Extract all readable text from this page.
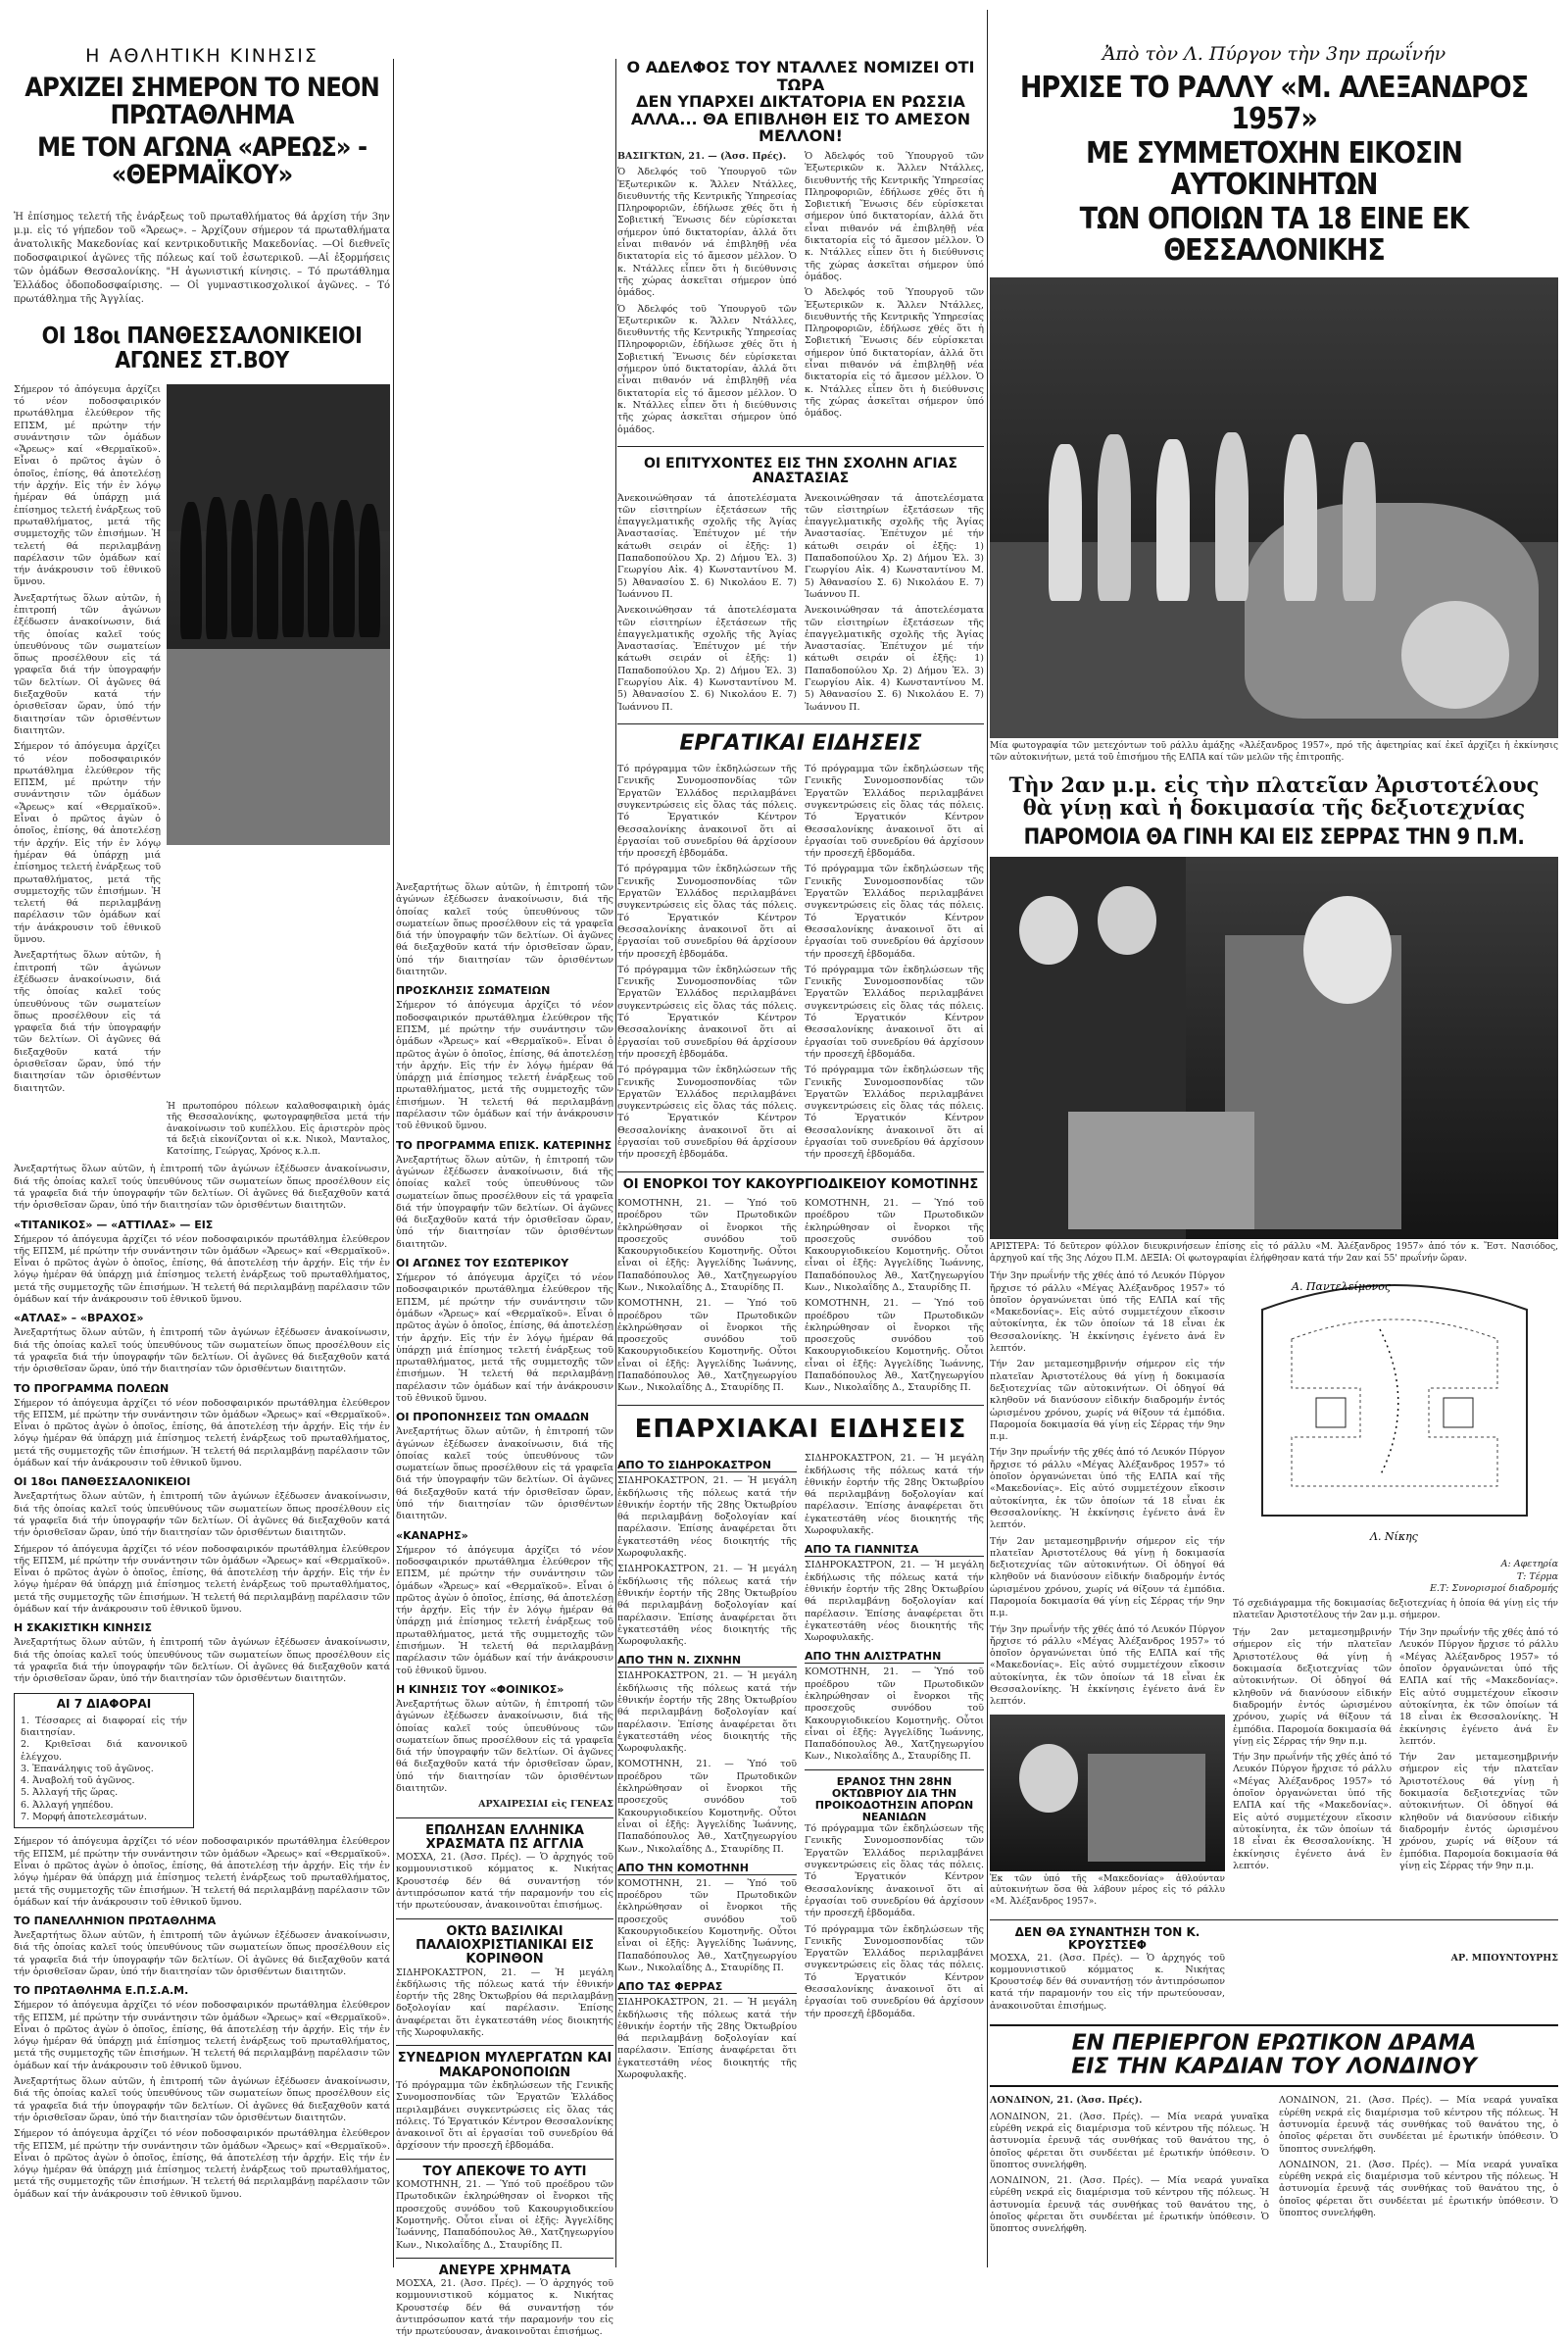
Η ΑΘΛΗΤΙΚΗ ΚΙΝΗΣΙΣ

ΑΡΧΙΖΕΙ ΣΗΜΕΡΟΝ ΤΟ ΝΕΟΝ ΠΡΩΤΑΘΛΗΜΑ

ΜΕ ΤΟΝ ΑΓΩΝΑ «ΑΡΕΩΣ» - «ΘΕΡΜΑΪΚΟΥ»

Ἡ ἐπίσημος τελετή τῆς ἐνάρξεως τοῦ πρωταθλήματος θά ἀρχίση τήν 3ην μ.μ. εἰς τό γήπεδον τοῦ «Ἄρεως». – Ἀρχίζουν σήμερον τά πρωταθλήματα ἀνατολικῆς Μακεδονίας καί κεντρικοδυτικῆς Μακεδονίας. —Οἱ διεθνεῖς ποδοσφαιρικοί ἀγῶνες τῆς πόλεως καί τοῦ ἐσωτερικοῦ. —Αἱ ἐξορμήσεις τῶν ὁμάδων Θεσσαλονίκης. "Η ἀγωνιστική κίνησις. – Τό πρωτάθλημα Ἑλλάδος ὀδοποδοσφαίρισης. — Οἱ γυμναστικοσχολικοί ἀγῶνες. – Τό πρωτάθλημα τῆς Ἀγγλίας.

ΟΙ 18οι ΠΑΝΘΕΣΣΑΛΟΝΙΚΕΙΟΙ ΑΓΩΝΕΣ ΣΤ.ΒΟΥ

Σήμερον τό ἀπόγευμα ἀρχίζει τό νέον ποδοσφαιρικόν πρωτάθλημα ἐλεύθερον τῆς ΕΠΣΜ, μέ πρώτην τήν συνάντησιν τῶν ὁμάδων «Ἄρεως» καί «Θερμαϊκοῦ». Εἶναι ὁ πρῶτος ἀγὼν ὁ ὁποῖος, ἐπίσης, θά ἀποτελέσῃ τήν ἀρχήν. Εἰς τήν ἐν λόγῳ ἡμέραν θά ὑπάρχῃ μιά ἐπίσημος τελετή ἐνάρξεως τοῦ πρωταθλήματος, μετά τῆς συμμετοχῆς τῶν ἐπισήμων. Ἡ τελετή θά περιλαμβάνῃ παρέλασιν τῶν ὁμάδων καί τήν ἀνάκρουσιν τοῦ ἐθνικοῦ ὕμνου.

Ἀνεξαρτήτως ὅλων αὐτῶν, ἡ ἐπιτροπή τῶν ἀγώνων ἐξέδωσεν ἀνακοίνωσιν, διά τῆς ὁποίας καλεῖ τούς ὑπευθύνους τῶν σωματείων ὅπως προσέλθουν εἰς τά γραφεῖα διά τήν ὑπογραφήν τῶν δελτίων. Οἱ ἀγῶνες θά διεξαχθοῦν κατά τήν ὁρισθεῖσαν ὥραν, ὑπό τήν διαιτησίαν τῶν ὁρισθέντων διαιτητῶν.

Σήμερον τό ἀπόγευμα ἀρχίζει τό νέον ποδοσφαιρικόν πρωτάθλημα ἐλεύθερον τῆς ΕΠΣΜ, μέ πρώτην τήν συνάντησιν τῶν ὁμάδων «Ἄρεως» καί «Θερμαϊκοῦ». Εἶναι ὁ πρῶτος ἀγὼν ὁ ὁποῖος, ἐπίσης, θά ἀποτελέσῃ τήν ἀρχήν. Εἰς τήν ἐν λόγῳ ἡμέραν θά ὑπάρχῃ μιά ἐπίσημος τελετή ἐνάρξεως τοῦ πρωταθλήματος, μετά τῆς συμμετοχῆς τῶν ἐπισήμων. Ἡ τελετή θά περιλαμβάνῃ παρέλασιν τῶν ὁμάδων καί τήν ἀνάκρουσιν τοῦ ἐθνικοῦ ὕμνου.

Ἀνεξαρτήτως ὅλων αὐτῶν, ἡ ἐπιτροπή τῶν ἀγώνων ἐξέδωσεν ἀνακοίνωσιν, διά τῆς ὁποίας καλεῖ τούς ὑπευθύνους τῶν σωματείων ὅπως προσέλθουν εἰς τά γραφεῖα διά τήν ὑπογραφήν τῶν δελτίων. Οἱ ἀγῶνες θά διεξαχθοῦν κατά τήν ὁρισθεῖσαν ὥραν, ὑπό τήν διαιτησίαν τῶν ὁρισθέντων διαιτητῶν.

Ἡ πρωτοπόρου πόλεων καλαθοσφαιρικὴ ὁμάς τῆς Θεσσαλονίκης, φωτογραφηθεῖσα μετά τήν ἀνακοίνωσιν τοῦ κυπέλλου. Εἰς ἀριστερὸν πρὸς τά δεξιὰ εἰκονίζονται οἱ κ.κ. Νικολ, Μανταλος, Κατσίπης, Γεώργας, Χρόνος κ.λ.π.

Ἀνεξαρτήτως ὅλων αὐτῶν, ἡ ἐπιτροπή τῶν ἀγώνων ἐξέδωσεν ἀνακοίνωσιν, διά τῆς ὁποίας καλεῖ τούς ὑπευθύνους τῶν σωματείων ὅπως προσέλθουν εἰς τά γραφεῖα διά τήν ὑπογραφήν τῶν δελτίων. Οἱ ἀγῶνες θά διεξαχθοῦν κατά τήν ὁρισθεῖσαν ὥραν, ὑπό τήν διαιτησίαν τῶν ὁρισθέντων διαιτητῶν.

«ΤΙΤΑΝΙΚΟΣ» — «ΑΤΤΙΛΑΣ» — ΕΙΣ

Σήμερον τό ἀπόγευμα ἀρχίζει τό νέον ποδοσφαιρικόν πρωτάθλημα ἐλεύθερον τῆς ΕΠΣΜ, μέ πρώτην τήν συνάντησιν τῶν ὁμάδων «Ἄρεως» καί «Θερμαϊκοῦ». Εἶναι ὁ πρῶτος ἀγὼν ὁ ὁποῖος, ἐπίσης, θά ἀποτελέσῃ τήν ἀρχήν. Εἰς τήν ἐν λόγῳ ἡμέραν θά ὑπάρχῃ μιά ἐπίσημος τελετή ἐνάρξεως τοῦ πρωταθλήματος, μετά τῆς συμμετοχῆς τῶν ἐπισήμων. Ἡ τελετή θά περιλαμβάνῃ παρέλασιν τῶν ὁμάδων καί τήν ἀνάκρουσιν τοῦ ἐθνικοῦ ὕμνου.

«ΑΤΛΑΣ» – «ΒΡΑΧΟΣ»

Ἀνεξαρτήτως ὅλων αὐτῶν, ἡ ἐπιτροπή τῶν ἀγώνων ἐξέδωσεν ἀνακοίνωσιν, διά τῆς ὁποίας καλεῖ τούς ὑπευθύνους τῶν σωματείων ὅπως προσέλθουν εἰς τά γραφεῖα διά τήν ὑπογραφήν τῶν δελτίων. Οἱ ἀγῶνες θά διεξαχθοῦν κατά τήν ὁρισθεῖσαν ὥραν, ὑπό τήν διαιτησίαν τῶν ὁρισθέντων διαιτητῶν.

ΤΟ ΠΡΟΓΡΑΜΜΑ ΠΟΛΕΩΝ

Σήμερον τό ἀπόγευμα ἀρχίζει τό νέον ποδοσφαιρικόν πρωτάθλημα ἐλεύθερον τῆς ΕΠΣΜ, μέ πρώτην τήν συνάντησιν τῶν ὁμάδων «Ἄρεως» καί «Θερμαϊκοῦ». Εἶναι ὁ πρῶτος ἀγὼν ὁ ὁποῖος, ἐπίσης, θά ἀποτελέσῃ τήν ἀρχήν. Εἰς τήν ἐν λόγῳ ἡμέραν θά ὑπάρχῃ μιά ἐπίσημος τελετή ἐνάρξεως τοῦ πρωταθλήματος, μετά τῆς συμμετοχῆς τῶν ἐπισήμων. Ἡ τελετή θά περιλαμβάνῃ παρέλασιν τῶν ὁμάδων καί τήν ἀνάκρουσιν τοῦ ἐθνικοῦ ὕμνου.

ΟΙ 18οι ΠΑΝΘΕΣΣΑΛΟΝΙΚΕΙΟΙ

Ἀνεξαρτήτως ὅλων αὐτῶν, ἡ ἐπιτροπή τῶν ἀγώνων ἐξέδωσεν ἀνακοίνωσιν, διά τῆς ὁποίας καλεῖ τούς ὑπευθύνους τῶν σωματείων ὅπως προσέλθουν εἰς τά γραφεῖα διά τήν ὑπογραφήν τῶν δελτίων. Οἱ ἀγῶνες θά διεξαχθοῦν κατά τήν ὁρισθεῖσαν ὥραν, ὑπό τήν διαιτησίαν τῶν ὁρισθέντων διαιτητῶν.

Σήμερον τό ἀπόγευμα ἀρχίζει τό νέον ποδοσφαιρικόν πρωτάθλημα ἐλεύθερον τῆς ΕΠΣΜ, μέ πρώτην τήν συνάντησιν τῶν ὁμάδων «Ἄρεως» καί «Θερμαϊκοῦ». Εἶναι ὁ πρῶτος ἀγὼν ὁ ὁποῖος, ἐπίσης, θά ἀποτελέσῃ τήν ἀρχήν. Εἰς τήν ἐν λόγῳ ἡμέραν θά ὑπάρχῃ μιά ἐπίσημος τελετή ἐνάρξεως τοῦ πρωταθλήματος, μετά τῆς συμμετοχῆς τῶν ἐπισήμων. Ἡ τελετή θά περιλαμβάνῃ παρέλασιν τῶν ὁμάδων καί τήν ἀνάκρουσιν τοῦ ἐθνικοῦ ὕμνου.

Η ΣΚΑΚΙΣΤΙΚΗ ΚΙΝΗΣΙΣ

Ἀνεξαρτήτως ὅλων αὐτῶν, ἡ ἐπιτροπή τῶν ἀγώνων ἐξέδωσεν ἀνακοίνωσιν, διά τῆς ὁποίας καλεῖ τούς ὑπευθύνους τῶν σωματείων ὅπως προσέλθουν εἰς τά γραφεῖα διά τήν ὑπογραφήν τῶν δελτίων. Οἱ ἀγῶνες θά διεξαχθοῦν κατά τήν ὁρισθεῖσαν ὥραν, ὑπό τήν διαιτησίαν τῶν ὁρισθέντων διαιτητῶν.

ΑΙ 7 ΔΙΑΦΟΡΑΙ

1. Τέσσαρες αἱ διαφοραί εἰς τήν διαιτησίαν.

2. Κριθεῖσαι διά κανονικοῦ ἐλέγχου.

3. Ἐπανάληψις τοῦ ἀγῶνος.

4. Ἀναβολή τοῦ ἀγῶνος.

5. Ἀλλαγή τῆς ὥρας.

6. Ἀλλαγή γηπέδου.

7. Μορφή ἀποτελεσμάτων.

Σήμερον τό ἀπόγευμα ἀρχίζει τό νέον ποδοσφαιρικόν πρωτάθλημα ἐλεύθερον τῆς ΕΠΣΜ, μέ πρώτην τήν συνάντησιν τῶν ὁμάδων «Ἄρεως» καί «Θερμαϊκοῦ». Εἶναι ὁ πρῶτος ἀγὼν ὁ ὁποῖος, ἐπίσης, θά ἀποτελέσῃ τήν ἀρχήν. Εἰς τήν ἐν λόγῳ ἡμέραν θά ὑπάρχῃ μιά ἐπίσημος τελετή ἐνάρξεως τοῦ πρωταθλήματος, μετά τῆς συμμετοχῆς τῶν ἐπισήμων. Ἡ τελετή θά περιλαμβάνῃ παρέλασιν τῶν ὁμάδων καί τήν ἀνάκρουσιν τοῦ ἐθνικοῦ ὕμνου.

ΤΟ ΠΑΝΕΛΛΗΝΙΟΝ ΠΡΩΤΑΘΛΗΜΑ

Ἀνεξαρτήτως ὅλων αὐτῶν, ἡ ἐπιτροπή τῶν ἀγώνων ἐξέδωσεν ἀνακοίνωσιν, διά τῆς ὁποίας καλεῖ τούς ὑπευθύνους τῶν σωματείων ὅπως προσέλθουν εἰς τά γραφεῖα διά τήν ὑπογραφήν τῶν δελτίων. Οἱ ἀγῶνες θά διεξαχθοῦν κατά τήν ὁρισθεῖσαν ὥραν, ὑπό τήν διαιτησίαν τῶν ὁρισθέντων διαιτητῶν.

ΤΟ ΠΡΩΤΑΘΛΗΜΑ Ε.Π.Σ.Α.Μ.

Σήμερον τό ἀπόγευμα ἀρχίζει τό νέον ποδοσφαιρικόν πρωτάθλημα ἐλεύθερον τῆς ΕΠΣΜ, μέ πρώτην τήν συνάντησιν τῶν ὁμάδων «Ἄρεως» καί «Θερμαϊκοῦ». Εἶναι ὁ πρῶτος ἀγὼν ὁ ὁποῖος, ἐπίσης, θά ἀποτελέσῃ τήν ἀρχήν. Εἰς τήν ἐν λόγῳ ἡμέραν θά ὑπάρχῃ μιά ἐπίσημος τελετή ἐνάρξεως τοῦ πρωταθλήματος, μετά τῆς συμμετοχῆς τῶν ἐπισήμων. Ἡ τελετή θά περιλαμβάνῃ παρέλασιν τῶν ὁμάδων καί τήν ἀνάκρουσιν τοῦ ἐθνικοῦ ὕμνου.

Ἀνεξαρτήτως ὅλων αὐτῶν, ἡ ἐπιτροπή τῶν ἀγώνων ἐξέδωσεν ἀνακοίνωσιν, διά τῆς ὁποίας καλεῖ τούς ὑπευθύνους τῶν σωματείων ὅπως προσέλθουν εἰς τά γραφεῖα διά τήν ὑπογραφήν τῶν δελτίων. Οἱ ἀγῶνες θά διεξαχθοῦν κατά τήν ὁρισθεῖσαν ὥραν, ὑπό τήν διαιτησίαν τῶν ὁρισθέντων διαιτητῶν.

Σήμερον τό ἀπόγευμα ἀρχίζει τό νέον ποδοσφαιρικόν πρωτάθλημα ἐλεύθερον τῆς ΕΠΣΜ, μέ πρώτην τήν συνάντησιν τῶν ὁμάδων «Ἄρεως» καί «Θερμαϊκοῦ». Εἶναι ὁ πρῶτος ἀγὼν ὁ ὁποῖος, ἐπίσης, θά ἀποτελέσῃ τήν ἀρχήν. Εἰς τήν ἐν λόγῳ ἡμέραν θά ὑπάρχῃ μιά ἐπίσημος τελετή ἐνάρξεως τοῦ πρωταθλήματος, μετά τῆς συμμετοχῆς τῶν ἐπισήμων. Ἡ τελετή θά περιλαμβάνῃ παρέλασιν τῶν ὁμάδων καί τήν ἀνάκρουσιν τοῦ ἐθνικοῦ ὕμνου.

Ἀνεξαρτήτως ὅλων αὐτῶν, ἡ ἐπιτροπή τῶν ἀγώνων ἐξέδωσεν ἀνακοίνωσιν, διά τῆς ὁποίας καλεῖ τούς ὑπευθύνους τῶν σωματείων ὅπως προσέλθουν εἰς τά γραφεῖα διά τήν ὑπογραφήν τῶν δελτίων. Οἱ ἀγῶνες θά διεξαχθοῦν κατά τήν ὁρισθεῖσαν ὥραν, ὑπό τήν διαιτησίαν τῶν ὁρισθέντων διαιτητῶν.

ΠΡΟΣΚΛΗΣΙΣ ΣΩΜΑΤΕΙΩΝ

Σήμερον τό ἀπόγευμα ἀρχίζει τό νέον ποδοσφαιρικόν πρωτάθλημα ἐλεύθερον τῆς ΕΠΣΜ, μέ πρώτην τήν συνάντησιν τῶν ὁμάδων «Ἄρεως» καί «Θερμαϊκοῦ». Εἶναι ὁ πρῶτος ἀγὼν ὁ ὁποῖος, ἐπίσης, θά ἀποτελέσῃ τήν ἀρχήν. Εἰς τήν ἐν λόγῳ ἡμέραν θά ὑπάρχῃ μιά ἐπίσημος τελετή ἐνάρξεως τοῦ πρωταθλήματος, μετά τῆς συμμετοχῆς τῶν ἐπισήμων. Ἡ τελετή θά περιλαμβάνῃ παρέλασιν τῶν ὁμάδων καί τήν ἀνάκρουσιν τοῦ ἐθνικοῦ ὕμνου.

ΤΟ ΠΡΟΓΡΑΜΜΑ ΕΠΙΣΚ. ΚΑΤΕΡΙΝΗΣ

Ἀνεξαρτήτως ὅλων αὐτῶν, ἡ ἐπιτροπή τῶν ἀγώνων ἐξέδωσεν ἀνακοίνωσιν, διά τῆς ὁποίας καλεῖ τούς ὑπευθύνους τῶν σωματείων ὅπως προσέλθουν εἰς τά γραφεῖα διά τήν ὑπογραφήν τῶν δελτίων. Οἱ ἀγῶνες θά διεξαχθοῦν κατά τήν ὁρισθεῖσαν ὥραν, ὑπό τήν διαιτησίαν τῶν ὁρισθέντων διαιτητῶν.

ΟΙ ΑΓΩΝΕΣ ΤΟΥ ΕΣΩΤΕΡΙΚΟΥ

Σήμερον τό ἀπόγευμα ἀρχίζει τό νέον ποδοσφαιρικόν πρωτάθλημα ἐλεύθερον τῆς ΕΠΣΜ, μέ πρώτην τήν συνάντησιν τῶν ὁμάδων «Ἄρεως» καί «Θερμαϊκοῦ». Εἶναι ὁ πρῶτος ἀγὼν ὁ ὁποῖος, ἐπίσης, θά ἀποτελέσῃ τήν ἀρχήν. Εἰς τήν ἐν λόγῳ ἡμέραν θά ὑπάρχῃ μιά ἐπίσημος τελετή ἐνάρξεως τοῦ πρωταθλήματος, μετά τῆς συμμετοχῆς τῶν ἐπισήμων. Ἡ τελετή θά περιλαμβάνῃ παρέλασιν τῶν ὁμάδων καί τήν ἀνάκρουσιν τοῦ ἐθνικοῦ ὕμνου.

ΟΙ ΠΡΟΠΟΝΗΣΕΙΣ ΤΩΝ ΟΜΑΔΩΝ

Ἀνεξαρτήτως ὅλων αὐτῶν, ἡ ἐπιτροπή τῶν ἀγώνων ἐξέδωσεν ἀνακοίνωσιν, διά τῆς ὁποίας καλεῖ τούς ὑπευθύνους τῶν σωματείων ὅπως προσέλθουν εἰς τά γραφεῖα διά τήν ὑπογραφήν τῶν δελτίων. Οἱ ἀγῶνες θά διεξαχθοῦν κατά τήν ὁρισθεῖσαν ὥραν, ὑπό τήν διαιτησίαν τῶν ὁρισθέντων διαιτητῶν.

«ΚΑΝΑΡΗΣ»

Σήμερον τό ἀπόγευμα ἀρχίζει τό νέον ποδοσφαιρικόν πρωτάθλημα ἐλεύθερον τῆς ΕΠΣΜ, μέ πρώτην τήν συνάντησιν τῶν ὁμάδων «Ἄρεως» καί «Θερμαϊκοῦ». Εἶναι ὁ πρῶτος ἀγὼν ὁ ὁποῖος, ἐπίσης, θά ἀποτελέσῃ τήν ἀρχήν. Εἰς τήν ἐν λόγῳ ἡμέραν θά ὑπάρχῃ μιά ἐπίσημος τελετή ἐνάρξεως τοῦ πρωταθλήματος, μετά τῆς συμμετοχῆς τῶν ἐπισήμων. Ἡ τελετή θά περιλαμβάνῃ παρέλασιν τῶν ὁμάδων καί τήν ἀνάκρουσιν τοῦ ἐθνικοῦ ὕμνου.

Η ΚΙΝΗΣΙΣ ΤΟΥ «ΦΟΙΝΙΚΟΣ»

Ἀνεξαρτήτως ὅλων αὐτῶν, ἡ ἐπιτροπή τῶν ἀγώνων ἐξέδωσεν ἀνακοίνωσιν, διά τῆς ὁποίας καλεῖ τούς ὑπευθύνους τῶν σωματείων ὅπως προσέλθουν εἰς τά γραφεῖα διά τήν ὑπογραφήν τῶν δελτίων. Οἱ ἀγῶνες θά διεξαχθοῦν κατά τήν ὁρισθεῖσαν ὥραν, ὑπό τήν διαιτησίαν τῶν ὁρισθέντων διαιτητῶν.

ΑΡΧΑΙΡΕΣΙΑΙ εἰς ΓΕΝΕΑΣ

ΕΠΩΛΗΣΑΝ ΕΛΛΗΝΙΚΑ ΧΡΑΣΜΑΤΑ ΠΣ ΑΓΓΛΙΑ

ΜΟΣΧΑ, 21. (Ἀσσ. Πρές). — Ὁ ἀρχηγός τοῦ κομμουνιστικοῦ κόμματος κ. Νικήτας Κρουστσέφ δέν θά συναντήσῃ τόν ἀντιπρόσωπον κατά τήν παραμονήν του εἰς τήν πρωτεύουσαν, ἀνακοινοῦται ἐπισήμως.

ΟΚΤΩ ΒΑΣΙΛΙΚΑΙ ΠΑΛΑΙΟΧΡΙΣΤΙΑΝΙΚΑΙ ΕΙΣ ΚΟΡΙΝΘΟΝ

ΣΙΔΗΡΟΚΑΣΤΡΟΝ, 21. — Ἡ μεγάλη ἐκδήλωσις τῆς πόλεως κατά τήν ἐθνικήν ἑορτήν τῆς 28ης Ὀκτωβρίου θά περιλαμβάνῃ δοξολογίαν καί παρέλασιν. Ἐπίσης ἀναφέρεται ὅτι ἐγκατεστάθη νέος διοικητής τῆς Χωροφυλακῆς.

ΣΥΝΕΔΡΙΟΝ ΜΥΛΕΡΓΑΤΩΝ ΚΑΙ ΜΑΚΑΡΟΝΟΠΟΙΩΝ

Τό πρόγραμμα τῶν ἐκδηλώσεων τῆς Γενικῆς Συνομοσπονδίας τῶν Ἐργατῶν Ἑλλάδος περιλαμβάνει συγκεντρώσεις εἰς ὅλας τάς πόλεις. Τό Ἐργατικόν Κέντρον Θεσσαλονίκης ἀνακοινοῖ ὅτι αἱ ἐργασίαι τοῦ συνεδρίου θά ἀρχίσουν τήν προσεχῆ ἑβδομάδα.

ΤΟΥ ΑΠΕΚΟΨΕ ΤΟ ΑΥΤΙ

ΚΟΜΟΤΗΝΗ, 21. — Ὑπό τοῦ προέδρου τῶν Πρωτοδικῶν ἐκληρώθησαν οἱ ἔνορκοι τῆς προσεχοῦς συνόδου τοῦ Κακουργιοδικείου Κομοτηνῆς. Οὗτοι εἶναι οἱ ἑξῆς: Ἀγγελίδης Ἰωάννης, Παπαδόπουλος Ἀθ., Χατζηγεωργίου Κων., Νικολαΐδης Δ., Σταυρίδης Π.

ΑΝΕΥΡΕ ΧΡΗΜΑΤΑ

ΜΟΣΧΑ, 21. (Ἀσσ. Πρές). — Ὁ ἀρχηγός τοῦ κομμουνιστικοῦ κόμματος κ. Νικήτας Κρουστσέφ δέν θά συναντήσῃ τόν ἀντιπρόσωπον κατά τήν παραμονήν του εἰς τήν πρωτεύουσαν, ἀνακοινοῦται ἐπισήμως.

Ο ΑΔΕΛΦΟΣ ΤΟΥ ΝΤΑΛΛΕΣ ΝΟΜΙΖΕΙ ΟΤΙ ΤΩΡΑ

ΔΕΝ ΥΠΑΡΧΕΙ ΔΙΚΤΑΤΟΡΙΑ ΕΝ ΡΩΣΣΙΑ

ΑΛΛΑ... ΘΑ ΕΠΙΒΛΗΘΗ ΕΙΣ ΤΟ ΑΜΕΣΟΝ ΜΕΛΛΟΝ!

ΒΑΣΙΓΚΤΩΝ, 21. — (Ἀσσ. Πρές).

Ὁ Ἀδελφός τοῦ Ὑπουργοῦ τῶν Ἐξωτερικῶν κ. Ἄλλεν Ντάλλες, διευθυντής τῆς Κεντρικῆς Ὑπηρεσίας Πληροφοριῶν, ἐδήλωσε χθές ὅτι ἡ Σοβιετική Ἕνωσις δέν εὑρίσκεται σήμερον ὑπό δικτατορίαν, ἀλλά ὅτι εἶναι πιθανόν νά ἐπιβληθῇ νέα δικτατορία εἰς τό ἄμεσον μέλλον. Ὁ κ. Ντάλλες εἶπεν ὅτι ἡ διεύθυνσις τῆς χώρας ἀσκεῖται σήμερον ὑπό ὁμάδος.

Ὁ Ἀδελφός τοῦ Ὑπουργοῦ τῶν Ἐξωτερικῶν κ. Ἄλλεν Ντάλλες, διευθυντής τῆς Κεντρικῆς Ὑπηρεσίας Πληροφοριῶν, ἐδήλωσε χθές ὅτι ἡ Σοβιετική Ἕνωσις δέν εὑρίσκεται σήμερον ὑπό δικτατορίαν, ἀλλά ὅτι εἶναι πιθανόν νά ἐπιβληθῇ νέα δικτατορία εἰς τό ἄμεσον μέλλον. Ὁ κ. Ντάλλες εἶπεν ὅτι ἡ διεύθυνσις τῆς χώρας ἀσκεῖται σήμερον ὑπό ὁμάδος.

Ὁ Ἀδελφός τοῦ Ὑπουργοῦ τῶν Ἐξωτερικῶν κ. Ἄλλεν Ντάλλες, διευθυντής τῆς Κεντρικῆς Ὑπηρεσίας Πληροφοριῶν, ἐδήλωσε χθές ὅτι ἡ Σοβιετική Ἕνωσις δέν εὑρίσκεται σήμερον ὑπό δικτατορίαν, ἀλλά ὅτι εἶναι πιθανόν νά ἐπιβληθῇ νέα δικτατορία εἰς τό ἄμεσον μέλλον. Ὁ κ. Ντάλλες εἶπεν ὅτι ἡ διεύθυνσις τῆς χώρας ἀσκεῖται σήμερον ὑπό ὁμάδος.

Ὁ Ἀδελφός τοῦ Ὑπουργοῦ τῶν Ἐξωτερικῶν κ. Ἄλλεν Ντάλλες, διευθυντής τῆς Κεντρικῆς Ὑπηρεσίας Πληροφοριῶν, ἐδήλωσε χθές ὅτι ἡ Σοβιετική Ἕνωσις δέν εὑρίσκεται σήμερον ὑπό δικτατορίαν, ἀλλά ὅτι εἶναι πιθανόν νά ἐπιβληθῇ νέα δικτατορία εἰς τό ἄμεσον μέλλον. Ὁ κ. Ντάλλες εἶπεν ὅτι ἡ διεύθυνσις τῆς χώρας ἀσκεῖται σήμερον ὑπό ὁμάδος.

ΟΙ ΕΠΙΤΥΧΟΝΤΕΣ ΕΙΣ ΤΗΝ ΣΧΟΛΗΝ ΑΓΙΑΣ ΑΝΑΣΤΑΣΙΑΣ

Ἀνεκοινώθησαν τά ἀποτελέσματα τῶν εἰσιτηρίων ἐξετάσεων τῆς ἐπαγγελματικῆς σχολῆς τῆς Ἁγίας Ἀναστασίας. Ἐπέτυχον μέ τήν κάτωθι σειράν οἱ ἑξῆς: 1) Παπαδοπούλου Χρ. 2) Δήμου Ἑλ. 3) Γεωργίου Αἰκ. 4) Κωνσταντίνου Μ. 5) Ἀθανασίου Σ. 6) Νικολάου Ε. 7) Ἰωάννου Π.

Ἀνεκοινώθησαν τά ἀποτελέσματα τῶν εἰσιτηρίων ἐξετάσεων τῆς ἐπαγγελματικῆς σχολῆς τῆς Ἁγίας Ἀναστασίας. Ἐπέτυχον μέ τήν κάτωθι σειράν οἱ ἑξῆς: 1) Παπαδοπούλου Χρ. 2) Δήμου Ἑλ. 3) Γεωργίου Αἰκ. 4) Κωνσταντίνου Μ. 5) Ἀθανασίου Σ. 6) Νικολάου Ε. 7) Ἰωάννου Π.

Ἀνεκοινώθησαν τά ἀποτελέσματα τῶν εἰσιτηρίων ἐξετάσεων τῆς ἐπαγγελματικῆς σχολῆς τῆς Ἁγίας Ἀναστασίας. Ἐπέτυχον μέ τήν κάτωθι σειράν οἱ ἑξῆς: 1) Παπαδοπούλου Χρ. 2) Δήμου Ἑλ. 3) Γεωργίου Αἰκ. 4) Κωνσταντίνου Μ. 5) Ἀθανασίου Σ. 6) Νικολάου Ε. 7) Ἰωάννου Π.

Ἀνεκοινώθησαν τά ἀποτελέσματα τῶν εἰσιτηρίων ἐξετάσεων τῆς ἐπαγγελματικῆς σχολῆς τῆς Ἁγίας Ἀναστασίας. Ἐπέτυχον μέ τήν κάτωθι σειράν οἱ ἑξῆς: 1) Παπαδοπούλου Χρ. 2) Δήμου Ἑλ. 3) Γεωργίου Αἰκ. 4) Κωνσταντίνου Μ. 5) Ἀθανασίου Σ. 6) Νικολάου Ε. 7) Ἰωάννου Π.

ΕΡΓΑΤΙΚΑΙ ΕΙΔΗΣΕΙΣ

Τό πρόγραμμα τῶν ἐκδηλώσεων τῆς Γενικῆς Συνομοσπονδίας τῶν Ἐργατῶν Ἑλλάδος περιλαμβάνει συγκεντρώσεις εἰς ὅλας τάς πόλεις. Τό Ἐργατικόν Κέντρον Θεσσαλονίκης ἀνακοινοῖ ὅτι αἱ ἐργασίαι τοῦ συνεδρίου θά ἀρχίσουν τήν προσεχῆ ἑβδομάδα.

Τό πρόγραμμα τῶν ἐκδηλώσεων τῆς Γενικῆς Συνομοσπονδίας τῶν Ἐργατῶν Ἑλλάδος περιλαμβάνει συγκεντρώσεις εἰς ὅλας τάς πόλεις. Τό Ἐργατικόν Κέντρον Θεσσαλονίκης ἀνακοινοῖ ὅτι αἱ ἐργασίαι τοῦ συνεδρίου θά ἀρχίσουν τήν προσεχῆ ἑβδομάδα.

Τό πρόγραμμα τῶν ἐκδηλώσεων τῆς Γενικῆς Συνομοσπονδίας τῶν Ἐργατῶν Ἑλλάδος περιλαμβάνει συγκεντρώσεις εἰς ὅλας τάς πόλεις. Τό Ἐργατικόν Κέντρον Θεσσαλονίκης ἀνακοινοῖ ὅτι αἱ ἐργασίαι τοῦ συνεδρίου θά ἀρχίσουν τήν προσεχῆ ἑβδομάδα.

Τό πρόγραμμα τῶν ἐκδηλώσεων τῆς Γενικῆς Συνομοσπονδίας τῶν Ἐργατῶν Ἑλλάδος περιλαμβάνει συγκεντρώσεις εἰς ὅλας τάς πόλεις. Τό Ἐργατικόν Κέντρον Θεσσαλονίκης ἀνακοινοῖ ὅτι αἱ ἐργασίαι τοῦ συνεδρίου θά ἀρχίσουν τήν προσεχῆ ἑβδομάδα.

Τό πρόγραμμα τῶν ἐκδηλώσεων τῆς Γενικῆς Συνομοσπονδίας τῶν Ἐργατῶν Ἑλλάδος περιλαμβάνει συγκεντρώσεις εἰς ὅλας τάς πόλεις. Τό Ἐργατικόν Κέντρον Θεσσαλονίκης ἀνακοινοῖ ὅτι αἱ ἐργασίαι τοῦ συνεδρίου θά ἀρχίσουν τήν προσεχῆ ἑβδομάδα.

Τό πρόγραμμα τῶν ἐκδηλώσεων τῆς Γενικῆς Συνομοσπονδίας τῶν Ἐργατῶν Ἑλλάδος περιλαμβάνει συγκεντρώσεις εἰς ὅλας τάς πόλεις. Τό Ἐργατικόν Κέντρον Θεσσαλονίκης ἀνακοινοῖ ὅτι αἱ ἐργασίαι τοῦ συνεδρίου θά ἀρχίσουν τήν προσεχῆ ἑβδομάδα.

Τό πρόγραμμα τῶν ἐκδηλώσεων τῆς Γενικῆς Συνομοσπονδίας τῶν Ἐργατῶν Ἑλλάδος περιλαμβάνει συγκεντρώσεις εἰς ὅλας τάς πόλεις. Τό Ἐργατικόν Κέντρον Θεσσαλονίκης ἀνακοινοῖ ὅτι αἱ ἐργασίαι τοῦ συνεδρίου θά ἀρχίσουν τήν προσεχῆ ἑβδομάδα.

Τό πρόγραμμα τῶν ἐκδηλώσεων τῆς Γενικῆς Συνομοσπονδίας τῶν Ἐργατῶν Ἑλλάδος περιλαμβάνει συγκεντρώσεις εἰς ὅλας τάς πόλεις. Τό Ἐργατικόν Κέντρον Θεσσαλονίκης ἀνακοινοῖ ὅτι αἱ ἐργασίαι τοῦ συνεδρίου θά ἀρχίσουν τήν προσεχῆ ἑβδομάδα.

ΟΙ ΕΝΟΡΚΟΙ ΤΟΥ ΚΑΚΟΥΡΓΙΟΔΙΚΕΙΟΥ ΚΟΜΟΤΙΝΗΣ

ΚΟΜΟΤΗΝΗ, 21. — Ὑπό τοῦ προέδρου τῶν Πρωτοδικῶν ἐκληρώθησαν οἱ ἔνορκοι τῆς προσεχοῦς συνόδου τοῦ Κακουργιοδικείου Κομοτηνῆς. Οὗτοι εἶναι οἱ ἑξῆς: Ἀγγελίδης Ἰωάννης, Παπαδόπουλος Ἀθ., Χατζηγεωργίου Κων., Νικολαΐδης Δ., Σταυρίδης Π.

ΚΟΜΟΤΗΝΗ, 21. — Ὑπό τοῦ προέδρου τῶν Πρωτοδικῶν ἐκληρώθησαν οἱ ἔνορκοι τῆς προσεχοῦς συνόδου τοῦ Κακουργιοδικείου Κομοτηνῆς. Οὗτοι εἶναι οἱ ἑξῆς: Ἀγγελίδης Ἰωάννης, Παπαδόπουλος Ἀθ., Χατζηγεωργίου Κων., Νικολαΐδης Δ., Σταυρίδης Π.

ΚΟΜΟΤΗΝΗ, 21. — Ὑπό τοῦ προέδρου τῶν Πρωτοδικῶν ἐκληρώθησαν οἱ ἔνορκοι τῆς προσεχοῦς συνόδου τοῦ Κακουργιοδικείου Κομοτηνῆς. Οὗτοι εἶναι οἱ ἑξῆς: Ἀγγελίδης Ἰωάννης, Παπαδόπουλος Ἀθ., Χατζηγεωργίου Κων., Νικολαΐδης Δ., Σταυρίδης Π.

ΚΟΜΟΤΗΝΗ, 21. — Ὑπό τοῦ προέδρου τῶν Πρωτοδικῶν ἐκληρώθησαν οἱ ἔνορκοι τῆς προσεχοῦς συνόδου τοῦ Κακουργιοδικείου Κομοτηνῆς. Οὗτοι εἶναι οἱ ἑξῆς: Ἀγγελίδης Ἰωάννης, Παπαδόπουλος Ἀθ., Χατζηγεωργίου Κων., Νικολαΐδης Δ., Σταυρίδης Π.

ΕΠΑΡΧΙΑΚΑΙ ΕΙΔΗΣΕΙΣ

ΑΠΟ ΤΟ ΣΙΔΗΡΟΚΑΣΤΡΟΝ

ΣΙΔΗΡΟΚΑΣΤΡΟΝ, 21. — Ἡ μεγάλη ἐκδήλωσις τῆς πόλεως κατά τήν ἐθνικήν ἑορτήν τῆς 28ης Ὀκτωβρίου θά περιλαμβάνῃ δοξολογίαν καί παρέλασιν. Ἐπίσης ἀναφέρεται ὅτι ἐγκατεστάθη νέος διοικητής τῆς Χωροφυλακῆς.

ΣΙΔΗΡΟΚΑΣΤΡΟΝ, 21. — Ἡ μεγάλη ἐκδήλωσις τῆς πόλεως κατά τήν ἐθνικήν ἑορτήν τῆς 28ης Ὀκτωβρίου θά περιλαμβάνῃ δοξολογίαν καί παρέλασιν. Ἐπίσης ἀναφέρεται ὅτι ἐγκατεστάθη νέος διοικητής τῆς Χωροφυλακῆς.

ΑΠΟ ΤΗΝ Ν. ΖΙΧΝΗΝ

ΣΙΔΗΡΟΚΑΣΤΡΟΝ, 21. — Ἡ μεγάλη ἐκδήλωσις τῆς πόλεως κατά τήν ἐθνικήν ἑορτήν τῆς 28ης Ὀκτωβρίου θά περιλαμβάνῃ δοξολογίαν καί παρέλασιν. Ἐπίσης ἀναφέρεται ὅτι ἐγκατεστάθη νέος διοικητής τῆς Χωροφυλακῆς.

ΚΟΜΟΤΗΝΗ, 21. — Ὑπό τοῦ προέδρου τῶν Πρωτοδικῶν ἐκληρώθησαν οἱ ἔνορκοι τῆς προσεχοῦς συνόδου τοῦ Κακουργιοδικείου Κομοτηνῆς. Οὗτοι εἶναι οἱ ἑξῆς: Ἀγγελίδης Ἰωάννης, Παπαδόπουλος Ἀθ., Χατζηγεωργίου Κων., Νικολαΐδης Δ., Σταυρίδης Π.

ΑΠΟ ΤΗΝ ΚΟΜΟΤΗΝΗ

ΚΟΜΟΤΗΝΗ, 21. — Ὑπό τοῦ προέδρου τῶν Πρωτοδικῶν ἐκληρώθησαν οἱ ἔνορκοι τῆς προσεχοῦς συνόδου τοῦ Κακουργιοδικείου Κομοτηνῆς. Οὗτοι εἶναι οἱ ἑξῆς: Ἀγγελίδης Ἰωάννης, Παπαδόπουλος Ἀθ., Χατζηγεωργίου Κων., Νικολαΐδης Δ., Σταυρίδης Π.

ΑΠΟ ΤΑΣ ΦΕΡΡΑΣ

ΣΙΔΗΡΟΚΑΣΤΡΟΝ, 21. — Ἡ μεγάλη ἐκδήλωσις τῆς πόλεως κατά τήν ἐθνικήν ἑορτήν τῆς 28ης Ὀκτωβρίου θά περιλαμβάνῃ δοξολογίαν καί παρέλασιν. Ἐπίσης ἀναφέρεται ὅτι ἐγκατεστάθη νέος διοικητής τῆς Χωροφυλακῆς.

ΣΙΔΗΡΟΚΑΣΤΡΟΝ, 21. — Ἡ μεγάλη ἐκδήλωσις τῆς πόλεως κατά τήν ἐθνικήν ἑορτήν τῆς 28ης Ὀκτωβρίου θά περιλαμβάνῃ δοξολογίαν καί παρέλασιν. Ἐπίσης ἀναφέρεται ὅτι ἐγκατεστάθη νέος διοικητής τῆς Χωροφυλακῆς.

ΑΠΟ ΤΑ ΓΙΑΝΝΙΤΣΑ

ΣΙΔΗΡΟΚΑΣΤΡΟΝ, 21. — Ἡ μεγάλη ἐκδήλωσις τῆς πόλεως κατά τήν ἐθνικήν ἑορτήν τῆς 28ης Ὀκτωβρίου θά περιλαμβάνῃ δοξολογίαν καί παρέλασιν. Ἐπίσης ἀναφέρεται ὅτι ἐγκατεστάθη νέος διοικητής τῆς Χωροφυλακῆς.

ΑΠΟ ΤΗΝ ΑΛΙΣΤΡΑΤΗΝ

ΚΟΜΟΤΗΝΗ, 21. — Ὑπό τοῦ προέδρου τῶν Πρωτοδικῶν ἐκληρώθησαν οἱ ἔνορκοι τῆς προσεχοῦς συνόδου τοῦ Κακουργιοδικείου Κομοτηνῆς. Οὗτοι εἶναι οἱ ἑξῆς: Ἀγγελίδης Ἰωάννης, Παπαδόπουλος Ἀθ., Χατζηγεωργίου Κων., Νικολαΐδης Δ., Σταυρίδης Π.

ΕΡΑΝΟΣ ΤΗΝ 28ΗΝ ΟΚΤΩΒΡΙΟΥ ΔΙΑ ΤΗΝ ΠΡΟΙΚΟΔΟΤΗΣΙΝ ΑΠΟΡΩΝ ΝΕΑΝΙΔΩΝ

Τό πρόγραμμα τῶν ἐκδηλώσεων τῆς Γενικῆς Συνομοσπονδίας τῶν Ἐργατῶν Ἑλλάδος περιλαμβάνει συγκεντρώσεις εἰς ὅλας τάς πόλεις. Τό Ἐργατικόν Κέντρον Θεσσαλονίκης ἀνακοινοῖ ὅτι αἱ ἐργασίαι τοῦ συνεδρίου θά ἀρχίσουν τήν προσεχῆ ἑβδομάδα.

Τό πρόγραμμα τῶν ἐκδηλώσεων τῆς Γενικῆς Συνομοσπονδίας τῶν Ἐργατῶν Ἑλλάδος περιλαμβάνει συγκεντρώσεις εἰς ὅλας τάς πόλεις. Τό Ἐργατικόν Κέντρον Θεσσαλονίκης ἀνακοινοῖ ὅτι αἱ ἐργασίαι τοῦ συνεδρίου θά ἀρχίσουν τήν προσεχῆ ἑβδομάδα.

Ἀπὸ τὸν Λ. Πύργον τὴν 3ην πρωΐνήν

ΗΡΧΙΣΕ ΤΟ ΡΑΛΛΥ «Μ. ΑΛΕΞΑΝΔΡΟΣ 1957»

ΜΕ ΣΥΜΜΕΤΟΧΗΝ ΕΙΚΟΣΙΝ ΑΥΤΟΚΙΝΗΤΩΝ

ΤΩΝ ΟΠΟΙΩΝ ΤΑ 18 ΕΙΝΕ ΕΚ ΘΕΣΣΑΛΟΝΙΚΗΣ

Μία φωτογραφία τῶν μετεχόντων τοῦ ράλλυ ἁμάξης «Ἀλέξανδρος 1957», πρό τῆς ἀφετηρίας καί ἐκεῖ ἀρχίζει ἡ ἐκκίνησις τῶν αὐτοκινήτων, μετά τοῦ ἐπισήμου τῆς ΕΛΠΑ καί τῶν μελῶν τῆς ἐπιτροπῆς.

Τὴν 2αν μ.μ. εἰς τὴν πλατεῖαν Ἀριστοτέλους

θὰ γίνῃ καὶ ἡ δοκιμασία τῆς δεξιοτεχνίας

ΠΑΡΟΜΟΙΑ ΘΑ ΓΙΝΗ ΚΑΙ ΕΙΣ ΣΕΡΡΑΣ ΤΗΝ 9 Π.Μ.

ΑΡΙΣΤΕΡΑ: Τό δεῦτερον φύλλον διευκρινήσεων ἐπίσης εἰς τό ράλλυ «Μ. Ἀλέξανδρος 1957» ἀπό τόν κ. Ἔστ. Νασιόδος, ἀρχηγοῦ καί τῆς 3ης Λόχου Π.Μ. ΔΕΞΙΑ: Οἱ φωτογραφίαι ἐλήφθησαν κατά τήν 2αν καί 55' πρωΐνήν ὥραν.

Τήν 3ην πρωΐνήν τῆς χθές ἀπό τό Λευκόν Πύργον ἤρχισε τό ράλλυ «Μέγας Ἀλέξανδρος 1957» τό ὁποῖον ὀργανώνεται ὑπό τῆς ΕΛΠΑ καί τῆς «Μακεδονίας». Εἰς αὐτό συμμετέχουν εἴκοσιν αὐτοκίνητα, ἐκ τῶν ὁποίων τά 18 εἶναι ἐκ Θεσσαλονίκης. Ἡ ἐκκίνησις ἐγένετο ἀνά ἓν λεπτόν.

Τήν 2αν μεταμεσημβρινήν σήμερον εἰς τήν πλατεῖαν Ἀριστοτέλους θά γίνῃ ἡ δοκιμασία δεξιοτεχνίας τῶν αὐτοκινήτων. Οἱ ὁδηγοί θά κληθοῦν νά διανύσουν εἰδικήν διαδρομήν ἐντός ὡρισμένου χρόνου, χωρίς νά θίξουν τά ἐμπόδια. Παρομοία δοκιμασία θά γίνῃ εἰς Σέρρας τήν 9ην π.μ.

Τήν 3ην πρωΐνήν τῆς χθές ἀπό τό Λευκόν Πύργον ἤρχισε τό ράλλυ «Μέγας Ἀλέξανδρος 1957» τό ὁποῖον ὀργανώνεται ὑπό τῆς ΕΛΠΑ καί τῆς «Μακεδονίας». Εἰς αὐτό συμμετέχουν εἴκοσιν αὐτοκίνητα, ἐκ τῶν ὁποίων τά 18 εἶναι ἐκ Θεσσαλονίκης. Ἡ ἐκκίνησις ἐγένετο ἀνά ἓν λεπτόν.

Τήν 2αν μεταμεσημβρινήν σήμερον εἰς τήν πλατεῖαν Ἀριστοτέλους θά γίνῃ ἡ δοκιμασία δεξιοτεχνίας τῶν αὐτοκινήτων. Οἱ ὁδηγοί θά κληθοῦν νά διανύσουν εἰδικήν διαδρομήν ἐντός ὡρισμένου χρόνου, χωρίς νά θίξουν τά ἐμπόδια. Παρομοία δοκιμασία θά γίνῃ εἰς Σέρρας τήν 9ην π.μ.

Τήν 3ην πρωΐνήν τῆς χθές ἀπό τό Λευκόν Πύργον ἤρχισε τό ράλλυ «Μέγας Ἀλέξανδρος 1957» τό ὁποῖον ὀργανώνεται ὑπό τῆς ΕΛΠΑ καί τῆς «Μακεδονίας». Εἰς αὐτό συμμετέχουν εἴκοσιν αὐτοκίνητα, ἐκ τῶν ὁποίων τά 18 εἶναι ἐκ Θεσσαλονίκης. Ἡ ἐκκίνησις ἐγένετο ἀνά ἓν λεπτόν.

Ἐκ τῶν ὑπό τῆς «Μακεδονίας» ἀθλούνταν αὐτοκινήτων ὅσα θὰ λάβουν μέρος εἰς τό ράλλυ «Μ. Ἀλέξανδρος 1957».

Α. Παντελείμονος
Λ. Νίκης

Α: Αφετηρία

Τ: Τέρμα

Ε.Τ: Συνορισμοί διαδρομής

Τό σχεδιάγραμμα τῆς δοκιμασίας δεξιοτεχνίας ἡ ὁποία θά γίνῃ εἰς τήν πλατεῖαν Ἀριστοτέλους τήν 2αν μ.μ. σήμερον.

Τήν 2αν μεταμεσημβρινήν σήμερον εἰς τήν πλατεῖαν Ἀριστοτέλους θά γίνῃ ἡ δοκιμασία δεξιοτεχνίας τῶν αὐτοκινήτων. Οἱ ὁδηγοί θά κληθοῦν νά διανύσουν εἰδικήν διαδρομήν ἐντός ὡρισμένου χρόνου, χωρίς νά θίξουν τά ἐμπόδια. Παρομοία δοκιμασία θά γίνῃ εἰς Σέρρας τήν 9ην π.μ.

Τήν 3ην πρωΐνήν τῆς χθές ἀπό τό Λευκόν Πύργον ἤρχισε τό ράλλυ «Μέγας Ἀλέξανδρος 1957» τό ὁποῖον ὀργανώνεται ὑπό τῆς ΕΛΠΑ καί τῆς «Μακεδονίας». Εἰς αὐτό συμμετέχουν εἴκοσιν αὐτοκίνητα, ἐκ τῶν ὁποίων τά 18 εἶναι ἐκ Θεσσαλονίκης. Ἡ ἐκκίνησις ἐγένετο ἀνά ἓν λεπτόν.

Τήν 3ην πρωΐνήν τῆς χθές ἀπό τό Λευκόν Πύργον ἤρχισε τό ράλλυ «Μέγας Ἀλέξανδρος 1957» τό ὁποῖον ὀργανώνεται ὑπό τῆς ΕΛΠΑ καί τῆς «Μακεδονίας». Εἰς αὐτό συμμετέχουν εἴκοσιν αὐτοκίνητα, ἐκ τῶν ὁποίων τά 18 εἶναι ἐκ Θεσσαλονίκης. Ἡ ἐκκίνησις ἐγένετο ἀνά ἓν λεπτόν.

Τήν 2αν μεταμεσημβρινήν σήμερον εἰς τήν πλατεῖαν Ἀριστοτέλους θά γίνῃ ἡ δοκιμασία δεξιοτεχνίας τῶν αὐτοκινήτων. Οἱ ὁδηγοί θά κληθοῦν νά διανύσουν εἰδικήν διαδρομήν ἐντός ὡρισμένου χρόνου, χωρίς νά θίξουν τά ἐμπόδια. Παρομοία δοκιμασία θά γίνῃ εἰς Σέρρας τήν 9ην π.μ.

ΔΕΝ ΘΑ ΣΥΝΑΝΤΗΣΗ ΤΟΝ Κ. ΚΡΟΥΣΤΣΕΦ

ΜΟΣΧΑ, 21. (Ἀσσ. Πρές). — Ὁ ἀρχηγός τοῦ κομμουνιστικοῦ κόμματος κ. Νικήτας Κρουστσέφ δέν θά συναντήσῃ τόν ἀντιπρόσωπον κατά τήν παραμονήν του εἰς τήν πρωτεύουσαν, ἀνακοινοῦται ἐπισήμως.

ΑΡ. ΜΠΟΥΝΤΟΥΡΗΣ

ΕΝ ΠΕΡΙΕΡΓΟΝ ΕΡΩΤΙΚΟΝ ΔΡΑΜΑ

ΕΙΣ ΤΗΝ ΚΑΡΔΙΑΝ ΤΟΥ ΛΟΝΔΙΝΟΥ

ΛΟΝΔΙΝΟΝ, 21. (Ἀσσ. Πρές).

ΛΟΝΔΙΝΟΝ, 21. (Ἀσσ. Πρές). — Μία νεαρά γυναῖκα εὑρέθη νεκρά εἰς διαμέρισμα τοῦ κέντρου τῆς πόλεως. Ἡ ἀστυνομία ἐρευνᾷ τάς συνθήκας τοῦ θανάτου της, ὁ ὁποῖος φέρεται ὅτι συνδέεται μέ ἐρωτικήν ὑπόθεσιν. Ὁ ὕποπτος συνελήφθη.

ΛΟΝΔΙΝΟΝ, 21. (Ἀσσ. Πρές). — Μία νεαρά γυναῖκα εὑρέθη νεκρά εἰς διαμέρισμα τοῦ κέντρου τῆς πόλεως. Ἡ ἀστυνομία ἐρευνᾷ τάς συνθήκας τοῦ θανάτου της, ὁ ὁποῖος φέρεται ὅτι συνδέεται μέ ἐρωτικήν ὑπόθεσιν. Ὁ ὕποπτος συνελήφθη.

ΛΟΝΔΙΝΟΝ, 21. (Ἀσσ. Πρές). — Μία νεαρά γυναῖκα εὑρέθη νεκρά εἰς διαμέρισμα τοῦ κέντρου τῆς πόλεως. Ἡ ἀστυνομία ἐρευνᾷ τάς συνθήκας τοῦ θανάτου της, ὁ ὁποῖος φέρεται ὅτι συνδέεται μέ ἐρωτικήν ὑπόθεσιν. Ὁ ὕποπτος συνελήφθη.

ΛΟΝΔΙΝΟΝ, 21. (Ἀσσ. Πρές). — Μία νεαρά γυναῖκα εὑρέθη νεκρά εἰς διαμέρισμα τοῦ κέντρου τῆς πόλεως. Ἡ ἀστυνομία ἐρευνᾷ τάς συνθήκας τοῦ θανάτου της, ὁ ὁποῖος φέρεται ὅτι συνδέεται μέ ἐρωτικήν ὑπόθεσιν. Ὁ ὕποπτος συνελήφθη.
